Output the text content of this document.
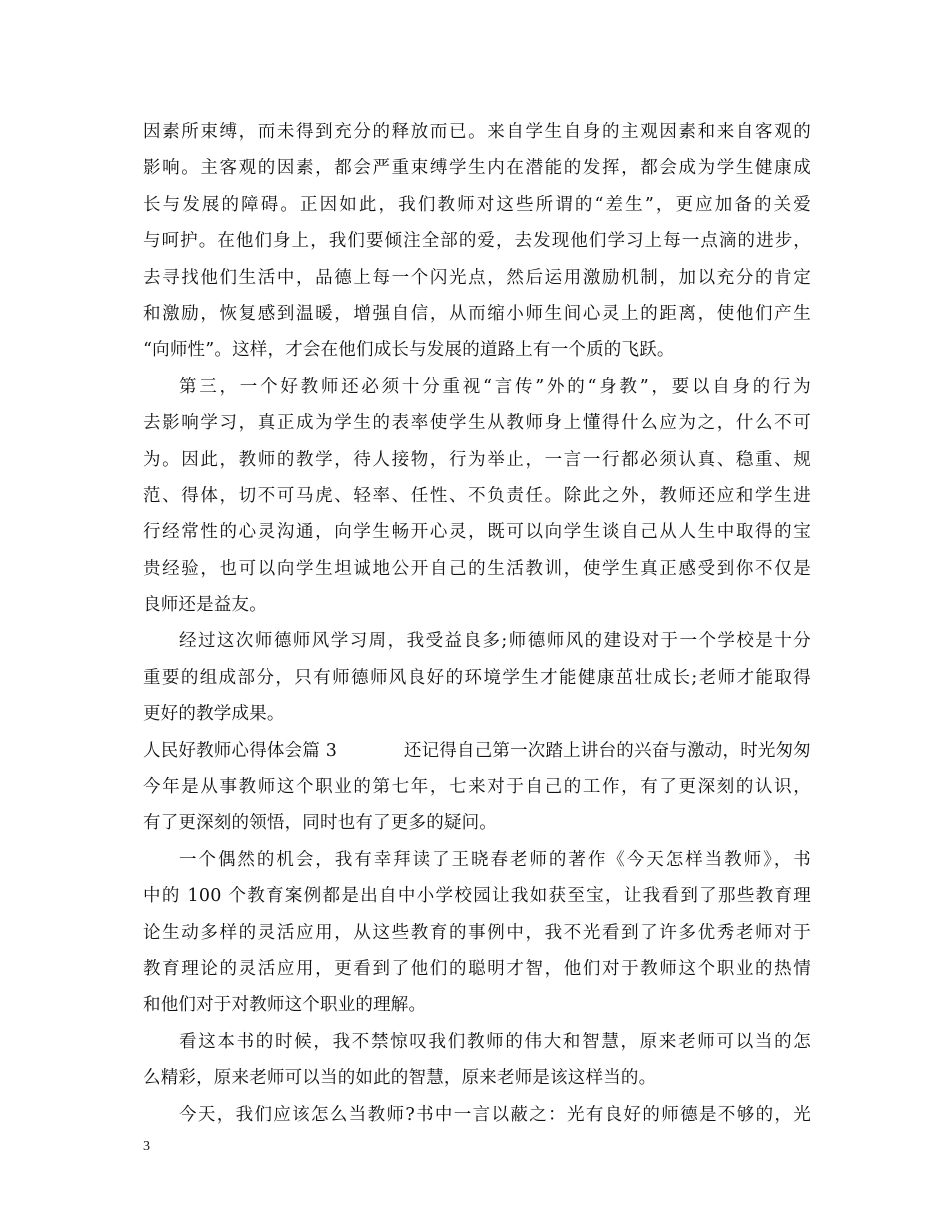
因素所束缚，而未得到充分的释放而已。来自学生自身的主观因素和来自客观的
影响。主客观的因素，都会严重束缚学生内在潜能的发挥，都会成为学生健康成
长与发展的障碍。正因如此，我们教师对这些所谓的“差生”，更应加备的关爱
与呵护。在他们身上，我们要倾注全部的爱，去发现他们学习上每一点滴的进步，
去寻找他们生活中，品德上每一个闪光点，然后运用激励机制，加以充分的肯定
和激励，恢复感到温暖，增强自信，从而缩小师生间心灵上的距离，使他们产生
“向师性”。这样，才会在他们成长与发展的道路上有一个质的飞跃。
第三，一个好教师还必须十分重视“言传”外的“身教”，要以自身的行为
去影响学习，真正成为学生的表率使学生从教师身上懂得什么应为之，什么不可
为。因此，教师的教学，待人接物，行为举止，一言一行都必须认真、稳重、规
范、得体，切不可马虎、轻率、任性、不负责任。除此之外，教师还应和学生进
行经常性的心灵沟通，向学生畅开心灵，既可以向学生谈自己从人生中取得的宝
贵经验，也可以向学生坦诚地公开自己的生活教训，使学生真正感受到你不仅是
良师还是益友。
经过这次师德师风学习周，我受益良多;师德师风的建设对于一个学校是十分
重要的组成部分，只有师德师风良好的环境学生才能健康茁壮成长;老师才能取得
更好的教学成果。
人民好教师心得体会篇 3	还记得自己第一次踏上讲台的兴奋与激动，时光匆匆
今年是从事教师这个职业的第七年，七来对于自己的工作，有了更深刻的认识，
有了更深刻的领悟，同时也有了更多的疑问。
一个偶然的机会，我有幸拜读了王晓春老师的著作《今天怎样当教师》，书
中的 100 个教育案例都是出自中小学校园让我如获至宝，让我看到了那些教育理
论生动多样的灵活应用，从这些教育的事例中，我不光看到了许多优秀老师对于
教育理论的灵活应用，更看到了他们的聪明才智，他们对于教师这个职业的热情
和他们对于对教师这个职业的理解。
看这本书的时候，我不禁惊叹我们教师的伟大和智慧，原来老师可以当的怎
么精彩，原来老师可以当的如此的智慧，原来老师是该这样当的。
今天，我们应该怎么当教师?书中一言以蔽之：光有良好的师德是不够的，光
3
